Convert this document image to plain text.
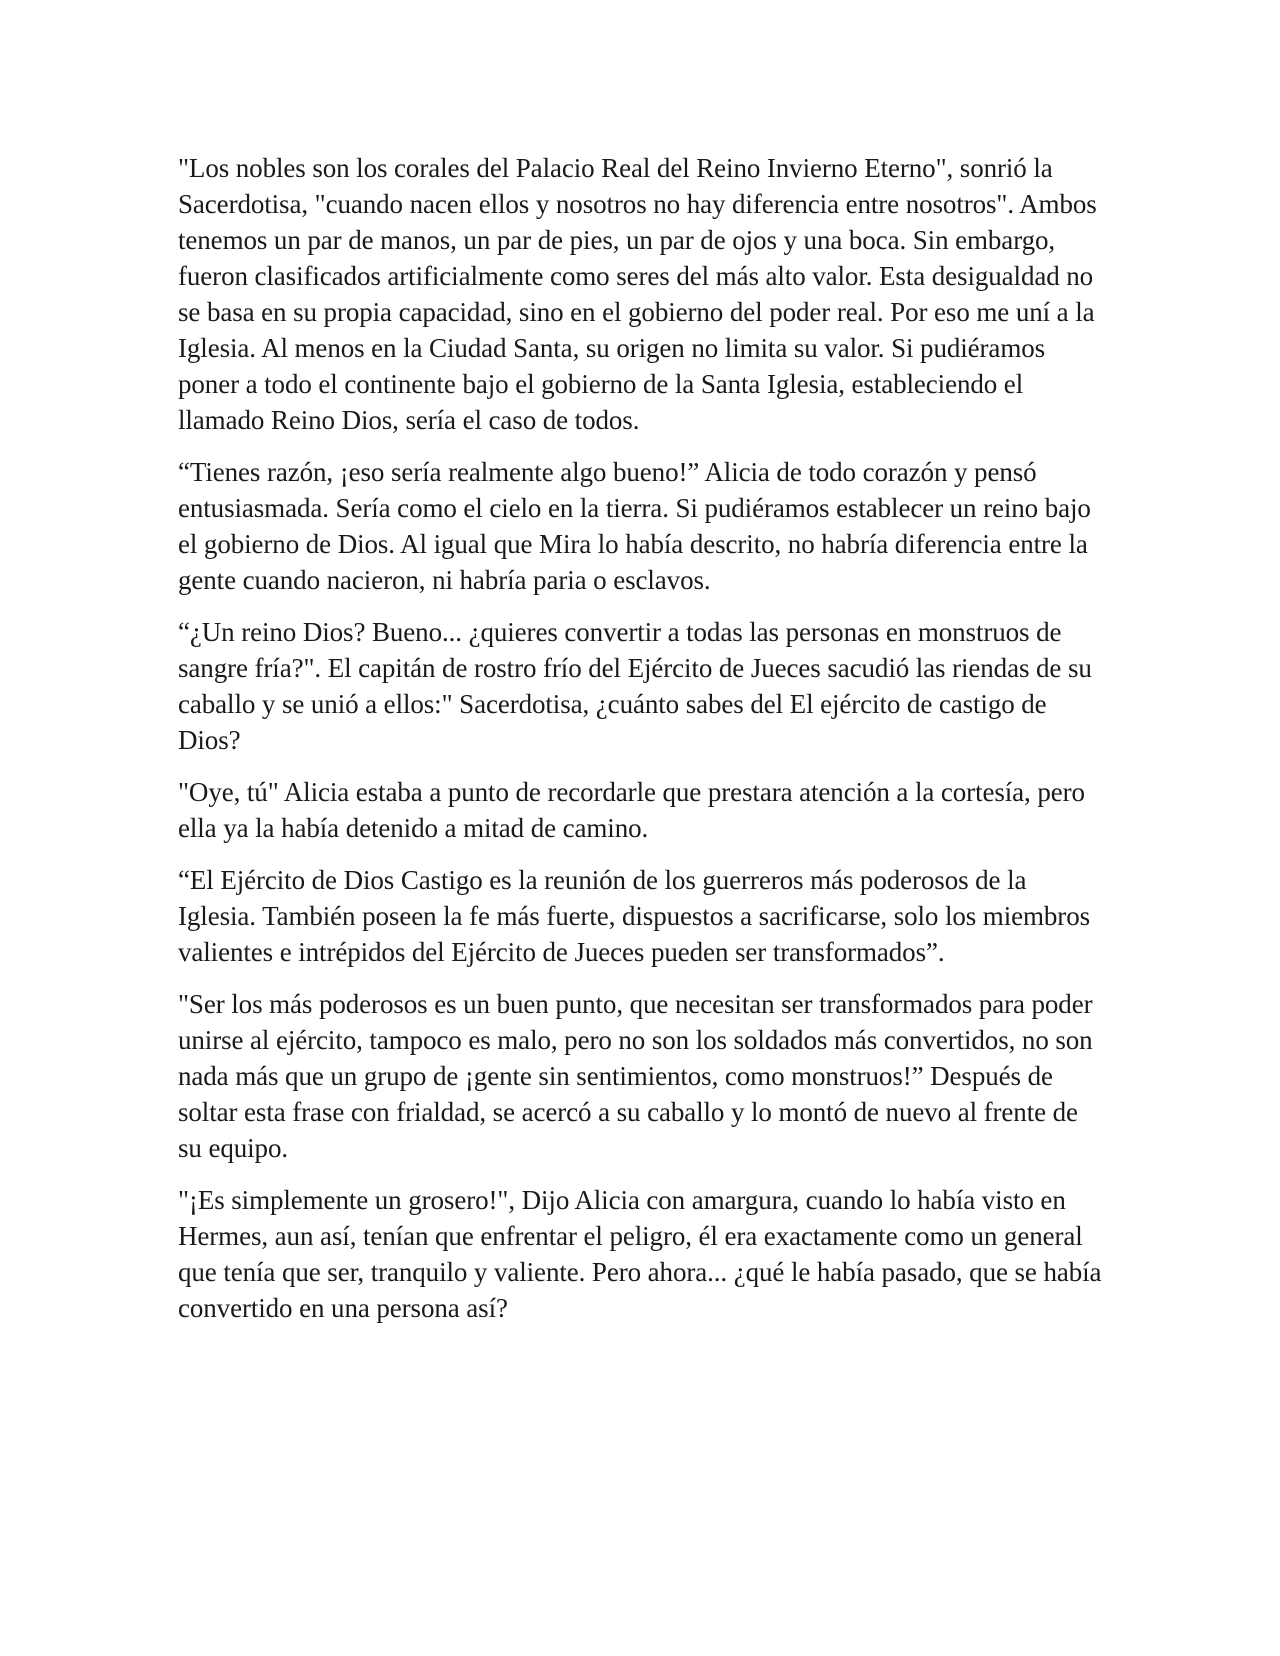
"Los nobles son los corales del Palacio Real del Reino Invierno Eterno", sonrió la Sacerdotisa, "cuando nacen ellos y nosotros no hay diferencia entre nosotros". Ambos tenemos un par de manos, un par de pies, un par de ojos y una boca. Sin embargo, fueron clasificados artificialmente como seres del más alto valor. Esta desigualdad no se basa en su propia capacidad, sino en el gobierno del poder real. Por eso me uní a la Iglesia. Al menos en la Ciudad Santa, su origen no limita su valor. Si pudiéramos poner a todo el continente bajo el gobierno de la Santa Iglesia, estableciendo el llamado Reino Dios, sería el caso de todos.

“Tienes razón, ¡eso sería realmente algo bueno!” Alicia de todo corazón y pensó entusiasmada. Sería como el cielo en la tierra. Si pudiéramos establecer un reino bajo el gobierno de Dios. Al igual que Mira lo había descrito, no habría diferencia entre la gente cuando nacieron, ni habría paria o esclavos.

“¿Un reino Dios? Bueno... ¿quieres convertir a todas las personas en monstruos de sangre fría?". El capitán de rostro frío del Ejército de Jueces sacudió las riendas de su caballo y se unió a ellos:" Sacerdotisa, ¿cuánto sabes del El ejército de castigo de Dios?

"Oye, tú" Alicia estaba a punto de recordarle que prestara atención a la cortesía, pero ella ya la había detenido a mitad de camino.

“El Ejército de Dios Castigo es la reunión de los guerreros más poderosos de la Iglesia. También poseen la fe más fuerte, dispuestos a sacrificarse, solo los miembros valientes e intrépidos del Ejército de Jueces pueden ser transformados”.

"Ser los más poderosos es un buen punto, que necesitan ser transformados para poder unirse al ejército, tampoco es malo, pero no son los soldados más convertidos, no son nada más que un grupo de ¡gente sin sentimientos, como monstruos!” Después de soltar esta frase con frialdad, se acercó a su caballo y lo montó de nuevo al frente de su equipo.

"¡Es simplemente un grosero!", Dijo Alicia con amargura, cuando lo había visto en Hermes, aun así, tenían que enfrentar el peligro, él era exactamente como un general que tenía que ser, tranquilo y valiente. Pero ahora... ¿qué le había pasado, que se había convertido en una persona así?
